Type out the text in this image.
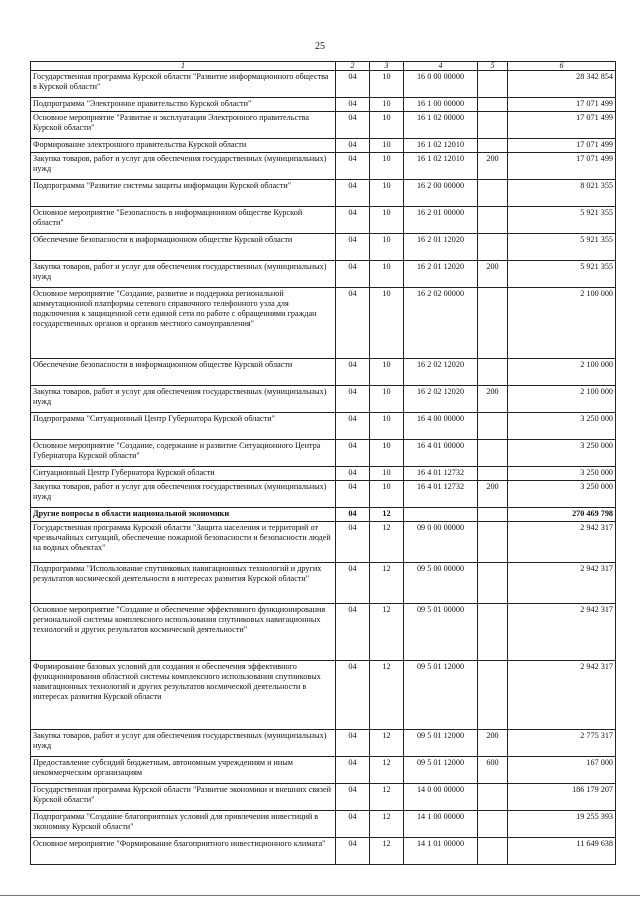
25
1	2	3	4	5	6
Государственная программа Курской области "Развитие информационного общества в Курской области"	04	10	16 0 00 00000		28 342 854
Подпрограмма "Электронное правительство Курской области"	04	10	16 1 00 00000		17 071 499
Основное мероприятие "Развитие и эксплуатация Электронного правительства Курской области"	04	10	16 1 02 00000		17 071 499
Формирование электронного правительства Курской области	04	10	16 1 02 12010		17 071 499
Закупка товаров, работ и услуг для обеспечения государственных (муниципальных) нужд	04	10	16 1 02 12010	200	17 071 499
Подпрограмма "Развитие системы защиты информации Курской области"	04	10	16 2 00 00000		8 021 355
Основное мероприятие "Безопасность в информационном обществе Курской области"	04	10	16 2 01 00000		5 921 355
Обеспечение безопасности в информационном обществе Курской области	04	10	16 2 01 12020		5 921 355
Закупка товаров, работ и услуг для обеспечения государственных (муниципальных) нужд	04	10	16 2 01 12020	200	5 921 355
Основное мероприятие "Создание, развитие и поддержка региональной коммутационной платформы сетевого справочного телефонного узла для подключения к защищенной сети единой сети по работе с обращениями граждан государственных органов и органов местного самоуправления"	04	10	16 2 02 00000		2 100 000
Обеспечение безопасности в информационном обществе Курской области	04	10	16 2 02 12020		2 100 000
Закупка товаров, работ и услуг для обеспечения государственных (муниципальных) нужд	04	10	16 2 02 12020	200	2 100 000
Подпрограмма "Ситуационный Центр Губернатора Курской области"	04	10	16 4 00 00000		3 250 000
Основное мероприятие "Создание, содержание и развитие Ситуационного Центра Губернатора Курской области"	04	10	16 4 01 00000		3 250 000
Ситуационный Центр Губернатора Курской области	04	10	16 4 01 12732		3 250 000
Закупка товаров, работ и услуг для обеспечения государственных (муниципальных) нужд	04	10	16 4 01 12732	200	3 250 000
Другие вопросы в области национальной экономики	04	12			270 469 798
Государственная программа Курской области "Защита населения и территорий от чрезвычайных ситуаций, обеспечение пожарной безопасности и безопасности людей на водных объектах"	04	12	09 0 00 00000		2 942 317
Подпрограмма "Использование спутниковых навигационных технологий и других результатов космической деятельности в интересах развития Курской области"	04	12	09 5 00 00000		2 942 317
Основное мероприятие "Создание и обеспечение эффективного функционирования региональной системы комплексного использования спутниковых навигационных технологий и других результатов космической деятельности"	04	12	09 5 01 00000		2 942 317
Формирование базовых условий для создания и обеспечения эффективного функционирования областной системы комплексного использования спутниковых навигационных технологий и других результатов космической деятельности в интересах развития Курской области	04	12	09 5 01 12000		2 942 317
Закупка товаров, работ и услуг для обеспечения государственных (муниципальных) нужд	04	12	09 5 01 12000	200	2 775 317
Предоставление субсидий бюджетным, автономным учреждениям и иным некоммерческим организациям	04	12	09 5 01 12000	600	167 000
Государственная программа Курской области "Развитие экономики и внешних связей Курской области"	04	12	14 0 00 00000		186 179 207
Подпрограмма "Создание благоприятных условий для привлечения инвестиций в экономику Курской области"	04	12	14 1 00 00000		19 255 393
Основное мероприятие "Формирование благоприятного инвестиционного климата"	04	12	14 1 01 00000		11 649 638
